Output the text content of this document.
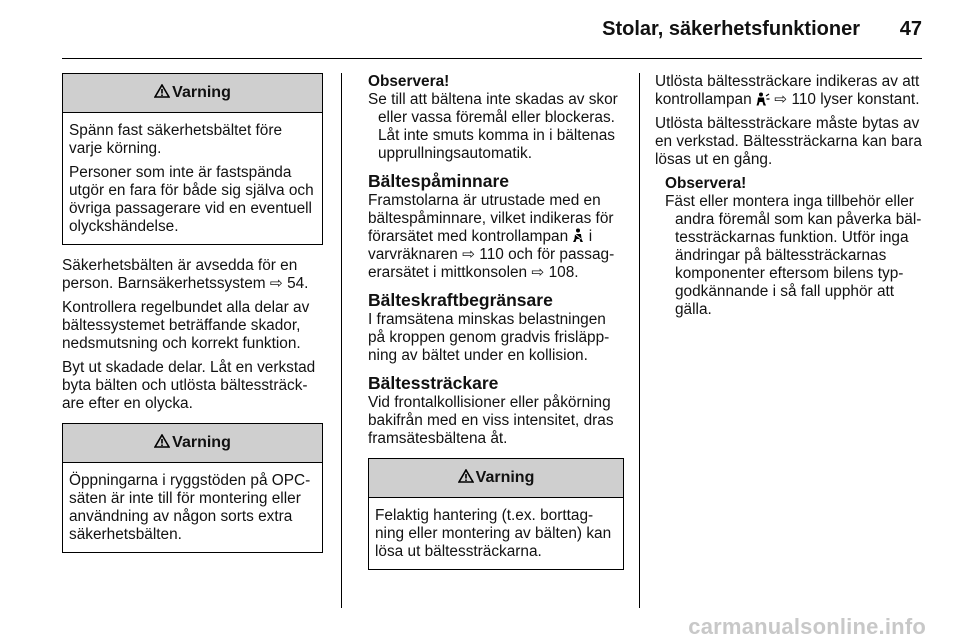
Stolar, säkerhetsfunktioner 47
Varning

Spänn fast säkerhetsbältet före varje körning.

Personer som inte är fastspända utgör en fara för både sig själva och övriga passagerare vid en eventuell olyckshändelse.

Säkerhetsbälten är avsedda för en person. Barnsäkerhetssystem ⇨ 54.

Kontrollera regelbundet alla delar av bältessystemet beträffande skador, nedsmutsning och korrekt funktion.

Byt ut skadade delar. Låt en verkstad byta bälten och utlösta bältessträckare efter en olycka.

Varning

Öppningarna i ryggstöden på OPC-säten är inte till för montering eller användning av någon sorts extra säkerhetsbälten.

Observera!

Se till att bältena inte skadas av skor eller vassa föremål eller blockeras. Låt inte smuts komma in i bältenas upprullningsautomatik.

Bältespåminnare

Framstolarna är utrustade med en bältespåminnare, vilket indikeras för förarsätet med kontrollampan i varvräknaren ⇨ 110 och för passagerarsätet i mittkonsolen ⇨ 108.

Bälteskraftbegränsare

I framsätena minskas belastningen på kroppen genom gradvis frisläppning av bältet under en kollision.

Bältessträckare

Vid frontalkollisioner eller påkörning bakifrån med en viss intensitet, dras framsätesbältena åt.

Varning

Felaktig hantering (t.ex. borttagning eller montering av bälten) kan lösa ut bältessträckarna.

Utlösta bältessträckare indikeras av att kontrollampan ⇨ 110 lyser konstant.

Utlösta bältessträckare måste bytas av en verkstad. Bältessträckarna kan bara lösas ut en gång.

Observera!

Fäst eller montera inga tillbehör eller andra föremål som kan påverka bältessträckarnas funktion. Utför inga ändringar på bältessträckarnas komponenter eftersom bilens typgodkännande i så fall upphör att gälla.

carmanualsonline.info
